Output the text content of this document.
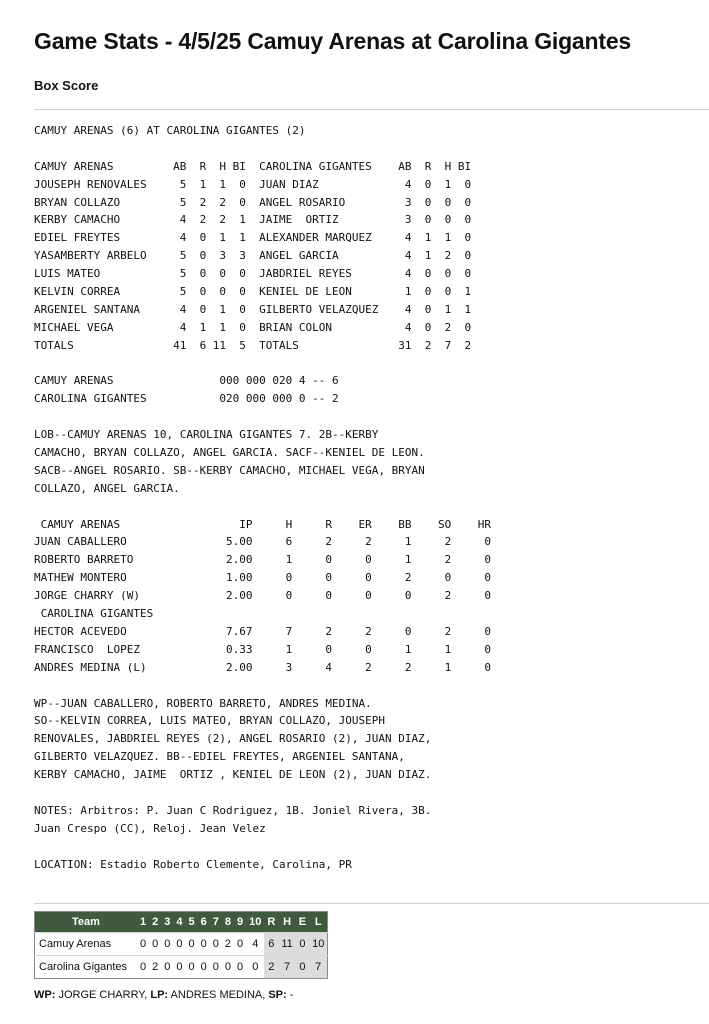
Game Stats - 4/5/25 Camuy Arenas at Carolina Gigantes
Box Score
CAMUY ARENAS (6) AT CAROLINA GIGANTES (2)
CAMUY ARENAS         AB  R  H BI  CAROLINA GIGANTES    AB  R  H BI
JOUSEPH RENOVALES     5  1  1  0  JUAN DIAZ             4  0  1  0
BRYAN COLLAZO         5  2  2  0  ANGEL ROSARIO         3  0  0  0
KERBY CAMACHO         4  2  2  1  JAIME  ORTIZ          3  0  0  0
EDIEL FREYTES         4  0  1  1  ALEXANDER MARQUEZ     4  1  1  0
YASAMBERTY ARBELO     5  0  3  3  ANGEL GARCIA          4  1  2  0
LUIS MATEO            5  0  0  0  JABDRIEL REYES        4  0  0  0
KELVIN CORREA         5  0  0  0  KENIEL DE LEON        1  0  0  1
ARGENIEL SANTANA      4  0  1  0  GILBERTO VELAZQUEZ    4  0  1  1
MICHAEL VEGA          4  1  1  0  BRIAN COLON           4  0  2  0
TOTALS               41  6 11  5  TOTALS               31  2  7  2
CAMUY ARENAS                000 000 020 4 -- 6
CAROLINA GIGANTES           020 000 000 0 -- 2
LOB--CAMUY ARENAS 10, CAROLINA GIGANTES 7. 2B--KERBY
CAMACHO, BRYAN COLLAZO, ANGEL GARCIA. SACF--KENIEL DE LEON.
SACB--ANGEL ROSARIO. SB--KERBY CAMACHO, MICHAEL VEGA, BRYAN
COLLAZO, ANGEL GARCIA.
CAMUY ARENAS                  IP     H     R    ER    BB    SO    HR
JUAN CABALLERO               5.00     6     2     2     1     2     0
ROBERTO BARRETO              2.00     1     0     0     1     2     0
MATHEW MONTERO               1.00     0     0     0     2     0     0
JORGE CHARRY (W)             2.00     0     0     0     0     2     0
CAROLINA GIGANTES
HECTOR ACEVEDO               7.67     7     2     2     0     2     0
FRANCISCO  LOPEZ             0.33     1     0     0     1     1     0
ANDRES MEDINA (L)            2.00     3     4     2     2     1     0
WP--JUAN CABALLERO, ROBERTO BARRETO, ANDRES MEDINA.
SO--KELVIN CORREA, LUIS MATEO, BRYAN COLLAZO, JOUSEPH
RENOVALES, JABDRIEL REYES (2), ANGEL ROSARIO (2), JUAN DIAZ,
GILBERTO VELAZQUEZ. BB--EDIEL FREYTES, ARGENIEL SANTANA,
KERBY CAMACHO, JAIME  ORTIZ , KENIEL DE LEON (2), JUAN DIAZ.
NOTES: Arbitros: P. Juan C Rodriguez, 1B. Joniel Rivera, 3B.
Juan Crespo (CC), Reloj. Jean Velez
LOCATION: Estadio Roberto Clemente, Carolina, PR
Team	1	2	3	4	5	6	7	8	9	10	R	H	E	L
Camuy Arenas	0	0	0	0	0	0	0	2	0	4	6	11	0	10
Carolina Gigantes	0	2	0	0	0	0	0	0	0	0	2	7	0	7
WP: JORGE CHARRY, LP: ANDRES MEDINA, SP: -
